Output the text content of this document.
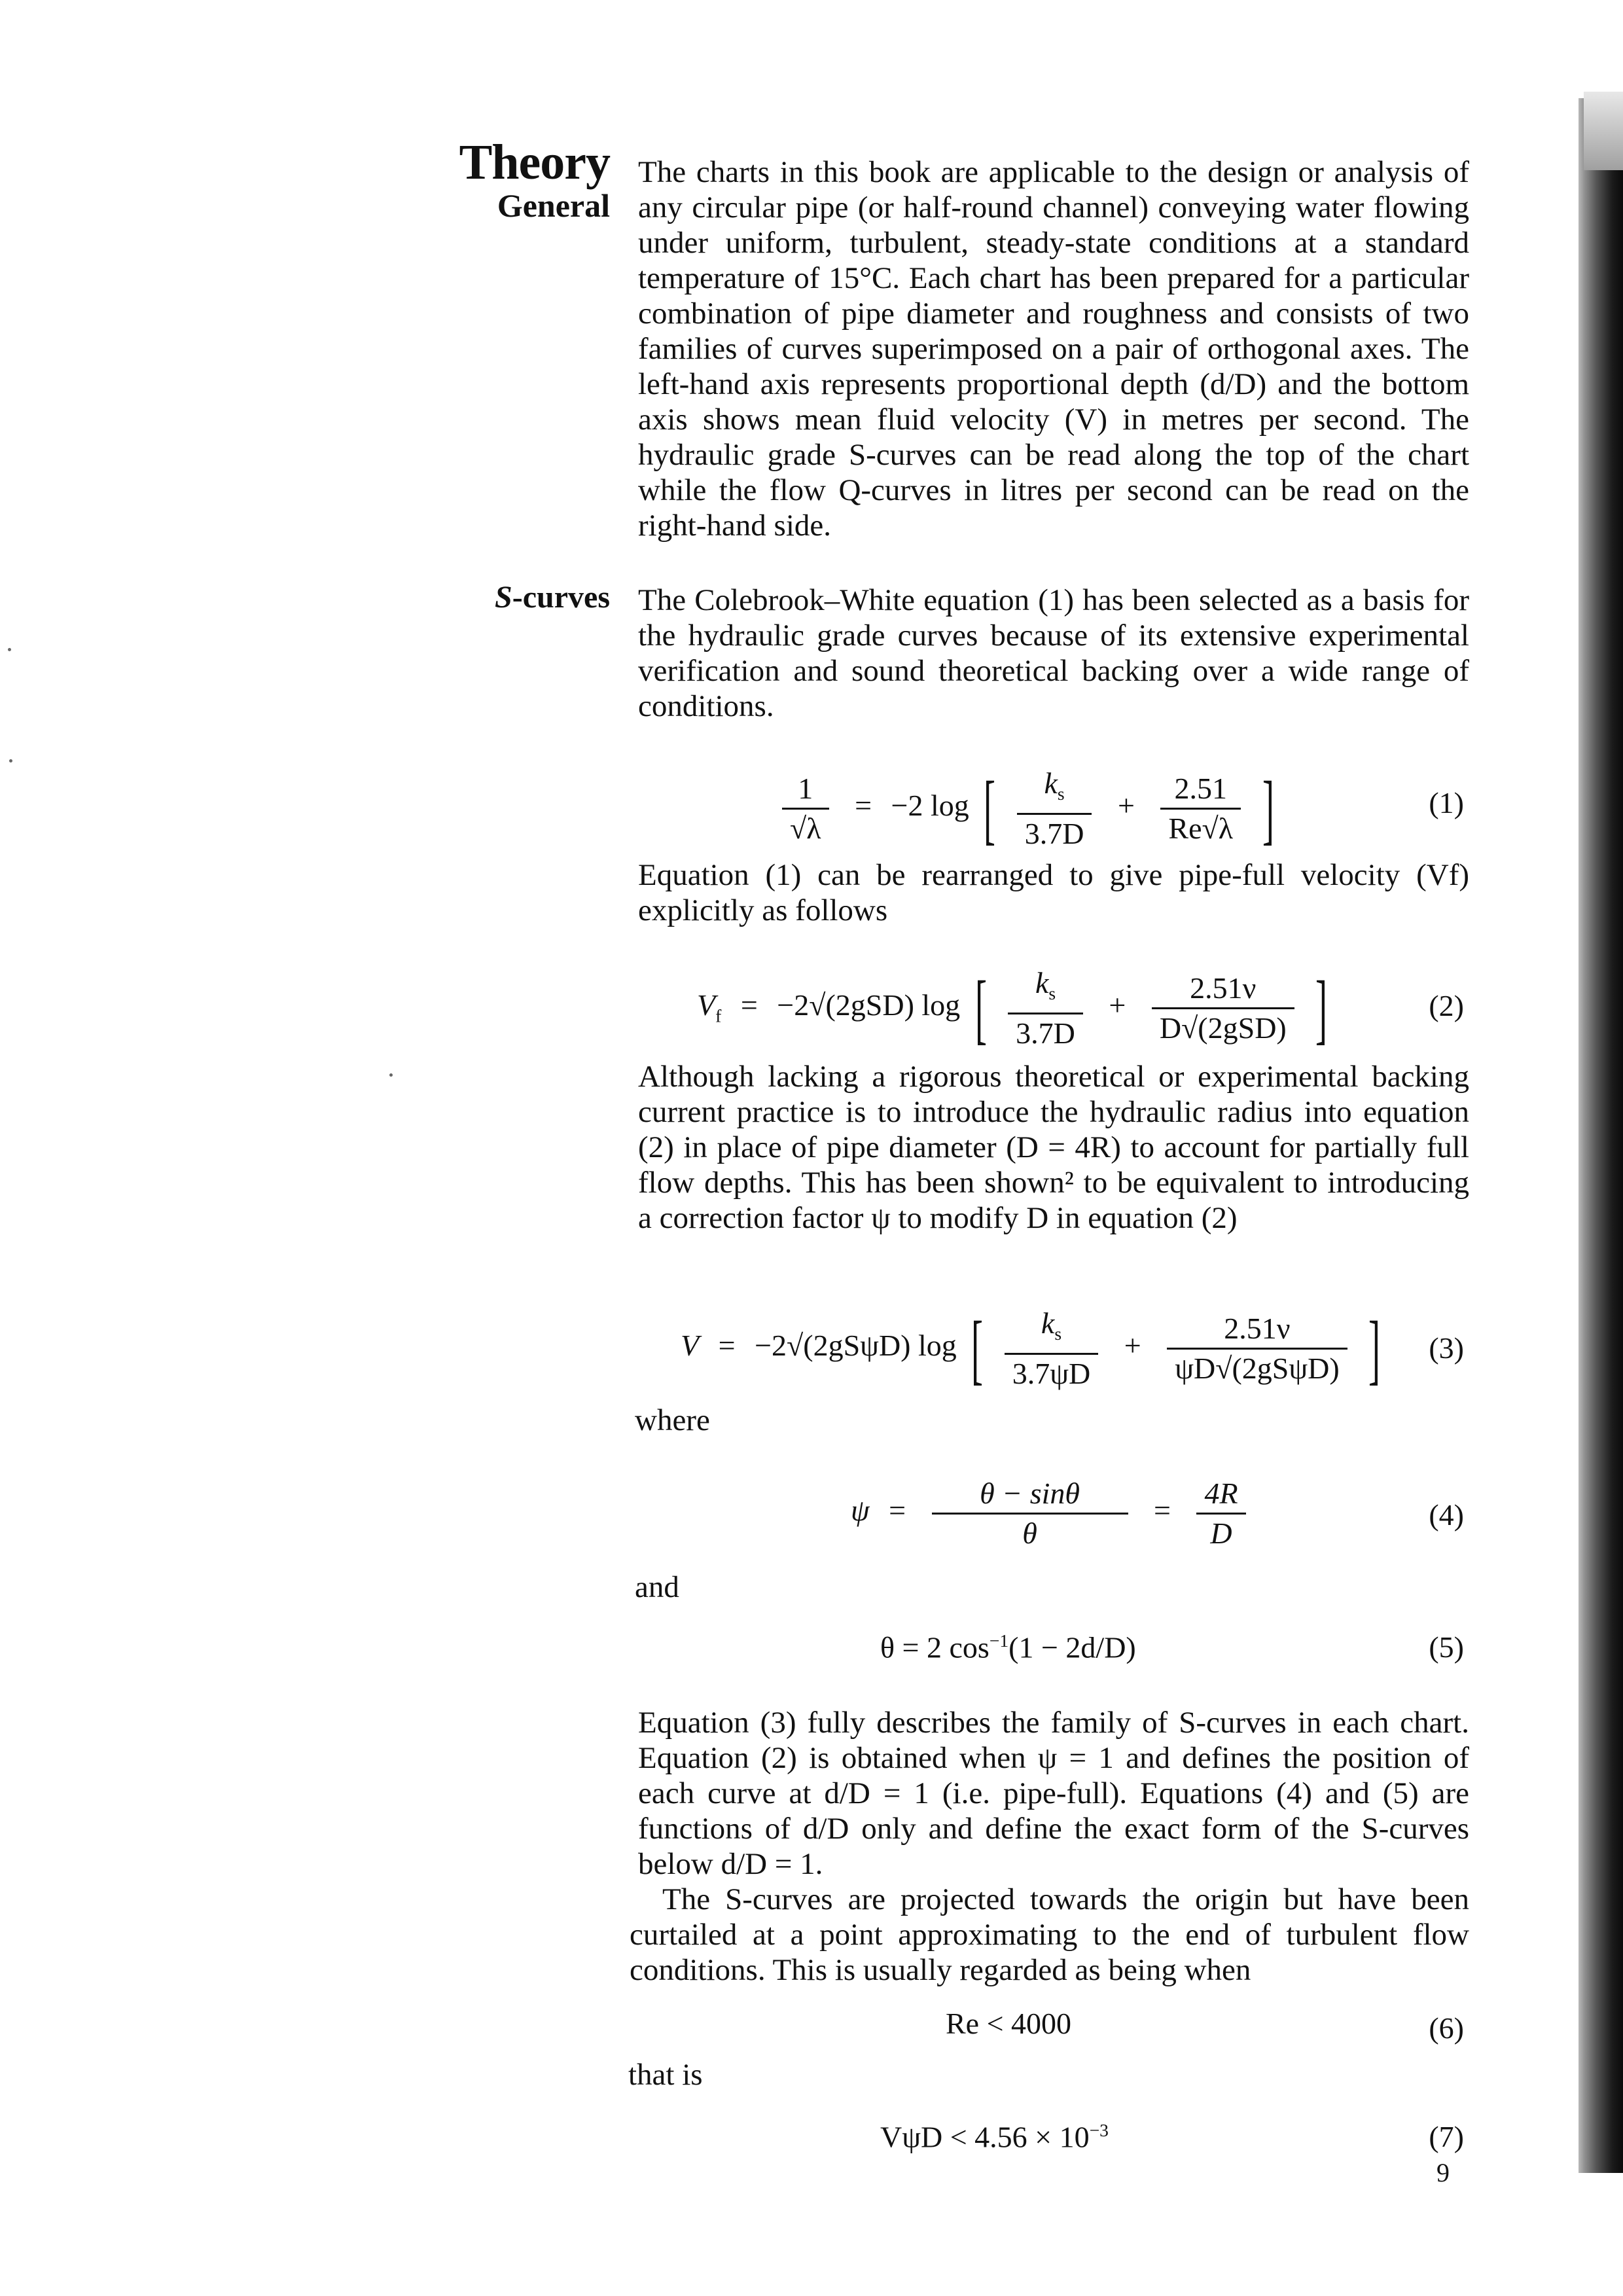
Theory
General
S-curves
The charts in this book are applicable to the design or analysis of any circular pipe (or half-round channel) conveying water flowing under uniform, turbulent, steady-state conditions at a standard temperature of 15°C. Each chart has been prepared for a particular combination of pipe diameter and roughness and consists of two families of curves superimposed on a pair of orthogonal axes. The left-hand axis represents proportional depth (d/D) and the bottom axis shows mean fluid velocity (V) in metres per second. The hydraulic grade S-curves can be read along the top of the chart while the flow Q-curves in litres per second can be read on the right-hand side.
The Colebrook–White equation (1) has been selected as a basis for the hydraulic grade curves because of its extensive experimental verification and sound theoretical backing over a wide range of conditions.
$\frac{1}{√\lambda} = -2$ log [ $\frac{k_s}{3.7D} + \frac{2.51}{Re√\lambda}$ ]	(1)
Equation (1) can be rearranged to give pipe-full velocity (Vf) explicitly as follows
$V_f = -2√(2gSD)$ log [ $\frac{k_s}{3.7D} + \frac{2.51\nu}{\text{D√(2gSD)}}$ ]	(2)
Although lacking a rigorous theoretical or experimental backing current practice is to introduce the hydraulic radius into equation (2) in place of pipe diameter (D = 4R) to account for partially full flow depths. This has been shown² to be equivalent to introducing a correction factor ψ to modify D in equation (2)
V = −2√(2gSψD) log [ $\frac{k_s}{3.7\psi D} + \frac{2.51\nu}{\text{ψD√(2gSψD)}}$ ] (3)
where
$\psi = \frac{\theta - \sin\theta}{\theta} = \frac{4R}{D}$	(4)
and
θ = 2 $\cos^{-1}(1 - 2d/D)$	(5)
Equation (3) fully describes the family of S-curves in each chart. Equation (2) is obtained when ψ = 1 and defines the position of each curve at d/D = 1 (i.e. pipe-full). Equations (4) and (5) are functions of d/D only and define the exact form of the S-curves below d/D = 1.
The S-curves are projected towards the origin but have been curtailed at a point approximating to the end of turbulent flow conditions. This is usually regarded as being when
Re < 4000	(6)
that is
$V\psi D < 4.56 \times 10^{-3}$	(7)
9
